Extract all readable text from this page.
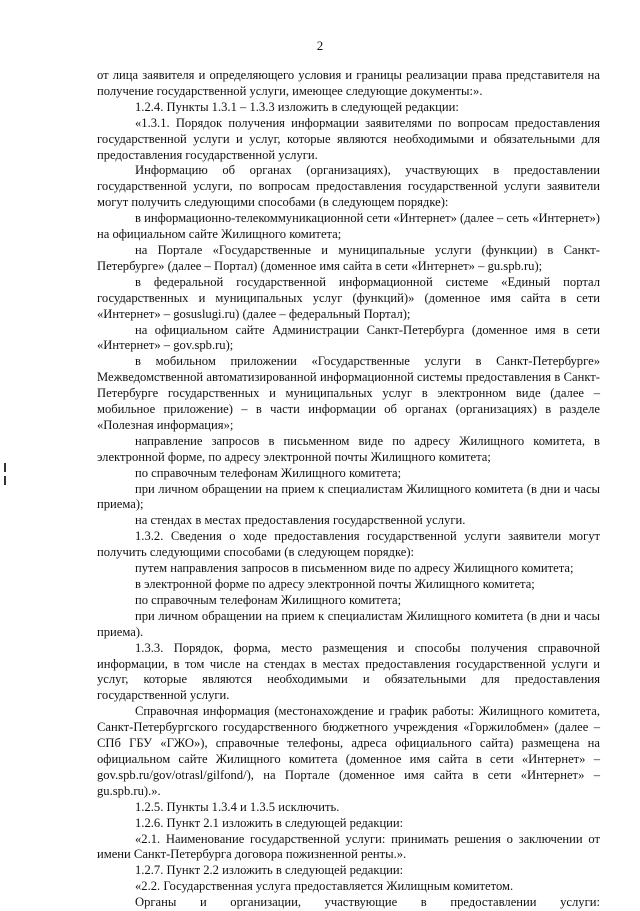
2

от лица заявителя и определяющего условия и границы реализации права представителя на получение государственной услуги, имеющее следующие документы:».

1.2.4. Пункты 1.3.1 – 1.3.3 изложить в следующей редакции:

«1.3.1. Порядок получения информации заявителями по вопросам предоставления государственной услуги и услуг, которые являются необходимыми и обязательными для предоставления государственной услуги.

Информацию об органах (организациях), участвующих в предоставлении государственной услуги, по вопросам предоставления государственной услуги заявители могут получить следующими способами (в следующем порядке):

в информационно-телекоммуникационной сети «Интернет» (далее – сеть «Интернет») на официальном сайте Жилищного комитета;

на Портале «Государственные и муниципальные услуги (функции) в Санкт-Петербурге» (далее – Портал) (доменное имя сайта в сети «Интернет» – gu.spb.ru);

в федеральной государственной информационной системе «Единый портал государственных и муниципальных услуг (функций)» (доменное имя сайта в сети «Интернет» – gosuslugi.ru) (далее – федеральный Портал);

на официальном сайте Администрации Санкт-Петербурга (доменное имя в сети «Интернет» – gov.spb.ru);

в мобильном приложении «Государственные услуги в Санкт-Петербурге» Межведомственной автоматизированной информационной системы предоставления в Санкт-Петербурге государственных и муниципальных услуг в электронном виде (далее – мобильное приложение) – в части информации об органах (организациях) в разделе «Полезная информация»;

направление запросов в письменном виде по адресу Жилищного комитета, в электронной форме, по адресу электронной почты Жилищного комитета;

по справочным телефонам Жилищного комитета;

при личном обращении на прием к специалистам Жилищного комитета (в дни и часы приема);

на стендах в местах предоставления государственной услуги.

1.3.2. Сведения о ходе предоставления государственной услуги заявители могут получить следующими способами (в следующем порядке):

путем направления запросов в письменном виде по адресу Жилищного комитета;

в электронной форме по адресу электронной почты Жилищного комитета;

по справочным телефонам Жилищного комитета;

при личном обращении на прием к специалистам Жилищного комитета (в дни и часы приема).

1.3.3. Порядок, форма, место размещения и способы получения справочной информации, в том числе на стендах в местах предоставления государственной услуги и услуг, которые являются необходимыми и обязательными для предоставления государственной услуги.

Справочная информация (местонахождение и график работы: Жилищного комитета, Санкт-Петербургского государственного бюджетного учреждения «Горжилобмен» (далее – СПб ГБУ «ГЖО»), справочные телефоны, адреса официального сайта) размещена на официальном сайте Жилищного комитета (доменное имя сайта в сети «Интернет» – gov.spb.ru/gov/otrasl/gilfond/), на Портале (доменное имя сайта в сети «Интернет» – gu.spb.ru).».

1.2.5. Пункты 1.3.4 и 1.3.5 исключить.

1.2.6. Пункт 2.1 изложить в следующей редакции:

«2.1. Наименование государственной услуги: принимать решения о заключении от имени Санкт-Петербурга договора пожизненной ренты.».

1.2.7. Пункт 2.2 изложить в следующей редакции:

«2.2. Государственная услуга предоставляется Жилищным комитетом.

Органы и организации, участвующие в предоставлении услуги:
